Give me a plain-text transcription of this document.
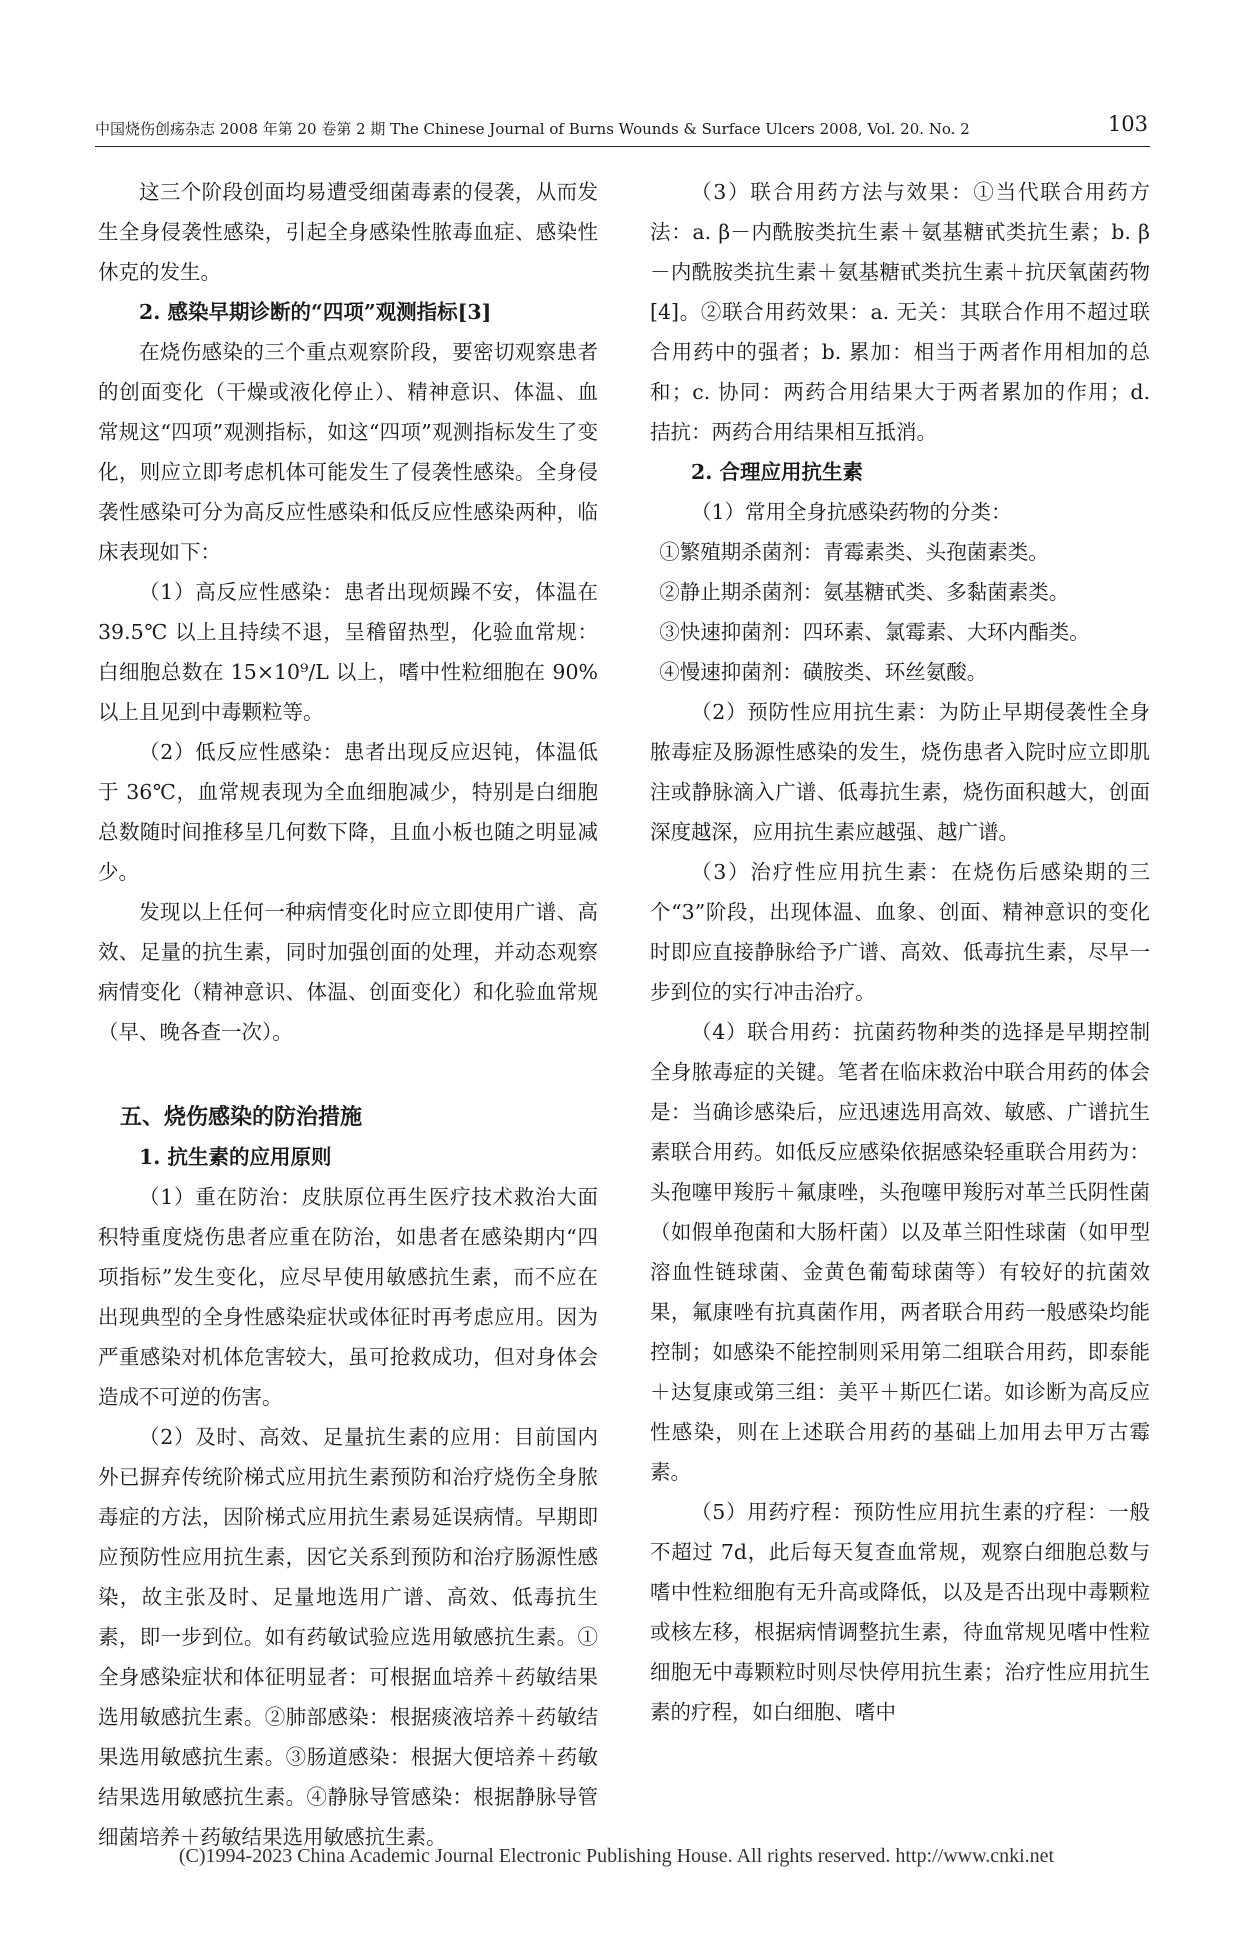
中国烧伤创疡杂志 2008 年第 20 卷第 2 期 The Chinese Journal of Burns Wounds & Surface Ulcers 2008, Vol. 20. No. 2	103

这三个阶段创面均易遭受细菌毒素的侵袭，从而发生全身侵袭性感染，引起全身感染性脓毒血症、感染性休克的发生。

2. 感染早期诊断的“四项”观测指标[3]

在烧伤感染的三个重点观察阶段，要密切观察患者的创面变化（干燥或液化停止）、精神意识、体温、血常规这“四项”观测指标，如这“四项”观测指标发生了变化，则应立即考虑机体可能发生了侵袭性感染。全身侵袭性感染可分为高反应性感染和低反应性感染两种，临床表现如下：

（1）高反应性感染：患者出现烦躁不安，体温在 39.5℃ 以上且持续不退，呈稽留热型，化验血常规：白细胞总数在 15×10⁹/L 以上，嗜中性粒细胞在 90% 以上且见到中毒颗粒等。

（2）低反应性感染：患者出现反应迟钝，体温低于 36℃，血常规表现为全血细胞减少，特别是白细胞总数随时间推移呈几何数下降，且血小板也随之明显减少。

发现以上任何一种病情变化时应立即使用广谱、高效、足量的抗生素，同时加强创面的处理，并动态观察病情变化（精神意识、体温、创面变化）和化验血常规（早、晚各查一次）。

五、烧伤感染的防治措施

1. 抗生素的应用原则

（1）重在防治：皮肤原位再生医疗技术救治大面积特重度烧伤患者应重在防治，如患者在感染期内“四项指标”发生变化，应尽早使用敏感抗生素，而不应在出现典型的全身性感染症状或体征时再考虑应用。因为严重感染对机体危害较大，虽可抢救成功，但对身体会造成不可逆的伤害。

（2）及时、高效、足量抗生素的应用：目前国内外已摒弃传统阶梯式应用抗生素预防和治疗烧伤全身脓毒症的方法，因阶梯式应用抗生素易延误病情。早期即应预防性应用抗生素，因它关系到预防和治疗肠源性感染，故主张及时、足量地选用广谱、高效、低毒抗生素，即一步到位。如有药敏试验应选用敏感抗生素。①全身感染症状和体征明显者：可根据血培养＋药敏结果选用敏感抗生素。②肺部感染：根据痰液培养＋药敏结果选用敏感抗生素。③肠道感染：根据大便培养＋药敏结果选用敏感抗生素。④静脉导管感染：根据静脉导管细菌培养＋药敏结果选用敏感抗生素。

（3）联合用药方法与效果：①当代联合用药方法：a. β－内酰胺类抗生素＋氨基糖甙类抗生素；b. β－内酰胺类抗生素＋氨基糖甙类抗生素＋抗厌氧菌药物[4]。②联合用药效果：a. 无关：其联合作用不超过联合用药中的强者；b. 累加：相当于两者作用相加的总和；c. 协同：两药合用结果大于两者累加的作用；d. 拮抗：两药合用结果相互抵消。

2. 合理应用抗生素

（1）常用全身抗感染药物的分类：

①繁殖期杀菌剂：青霉素类、头孢菌素类。

②静止期杀菌剂：氨基糖甙类、多黏菌素类。

③快速抑菌剂：四环素、氯霉素、大环内酯类。

④慢速抑菌剂：磺胺类、环丝氨酸。

（2）预防性应用抗生素：为防止早期侵袭性全身脓毒症及肠源性感染的发生，烧伤患者入院时应立即肌注或静脉滴入广谱、低毒抗生素，烧伤面积越大，创面深度越深，应用抗生素应越强、越广谱。

（3）治疗性应用抗生素：在烧伤后感染期的三个“3”阶段，出现体温、血象、创面、精神意识的变化时即应直接静脉给予广谱、高效、低毒抗生素，尽早一步到位的实行冲击治疗。

（4）联合用药：抗菌药物种类的选择是早期控制全身脓毒症的关键。笔者在临床救治中联合用药的体会是：当确诊感染后，应迅速选用高效、敏感、广谱抗生素联合用药。如低反应感染依据感染轻重联合用药为：头孢噻甲羧肟＋氟康唑，头孢噻甲羧肟对革兰氏阴性菌（如假单孢菌和大肠杆菌）以及革兰阳性球菌（如甲型溶血性链球菌、金黄色葡萄球菌等）有较好的抗菌效果，氟康唑有抗真菌作用，两者联合用药一般感染均能控制；如感染不能控制则采用第二组联合用药，即泰能＋达复康或第三组：美平＋斯匹仁诺。如诊断为高反应性感染，则在上述联合用药的基础上加用去甲万古霉素。

（5）用药疗程：预防性应用抗生素的疗程：一般不超过 7d，此后每天复查血常规，观察白细胞总数与嗜中性粒细胞有无升高或降低，以及是否出现中毒颗粒或核左移，根据病情调整抗生素，待血常规见嗜中性粒细胞无中毒颗粒时则尽快停用抗生素；治疗性应用抗生素的疗程，如白细胞、嗜中

(C)1994-2023 China Academic Journal Electronic Publishing House. All rights reserved. http://www.cnki.net
